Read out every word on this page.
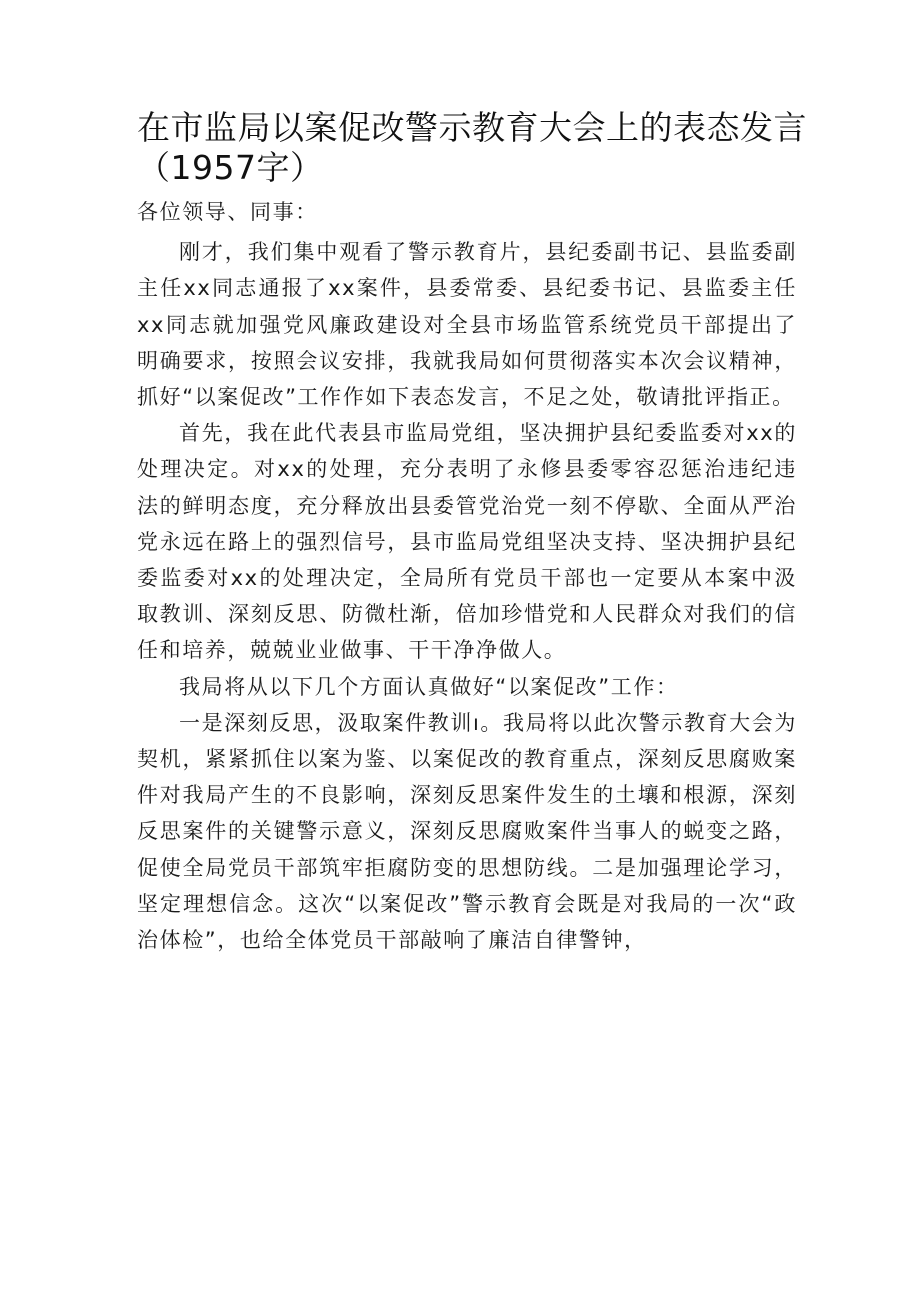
在市监局以案促改警示教育大会上的表态发言
（1957字）

各位领导、同事：

刚才，我们集中观看了警示教育片，县纪委副书记、县监委副主任xx同志通报了xx案件，县委常委、县纪委书记、县监委主任xx同志就加强党风廉政建设对全县市场监管系统党员干部提出了明确要求，按照会议安排，我就我局如何贯彻落实本次会议精神，抓好“以案促改”工作作如下表态发言，不足之处，敬请批评指正。

首先，我在此代表县市监局党组，坚决拥护县纪委监委对xx的处理决定。对xx的处理，充分表明了永修县委零容忍惩治违纪违法的鲜明态度，充分释放出县委管党治党一刻不停歇、全面从严治党永远在路上的强烈信号，县市监局党组坚决支持、坚决拥护县纪委监委对xx的处理决定，全局所有党员干部也一定要从本案中汲取教训、深刻反思、防微杜渐，倍加珍惜党和人民群众对我们的信任和培养，兢兢业业做事、干干净净做人。

我局将从以下几个方面认真做好“以案促改”工作：

一是深刻反思，汲取案件教训ı。我局将以此次警示教育大会为契机，紧紧抓住以案为鉴、以案促改的教育重点，深刻反思腐败案件对我局产生的不良影响，深刻反思案件发生的土壤和根源，深刻反思案件的关键警示意义，深刻反思腐败案件当事人的蜕变之路，促使全局党员干部筑牢拒腐防变的思想防线。二是加强理论学习，坚定理想信念。这次“以案促改”警示教育会既是对我局的一次“政治体检”，也给全体党员干部敲响了廉洁自律警钟，
